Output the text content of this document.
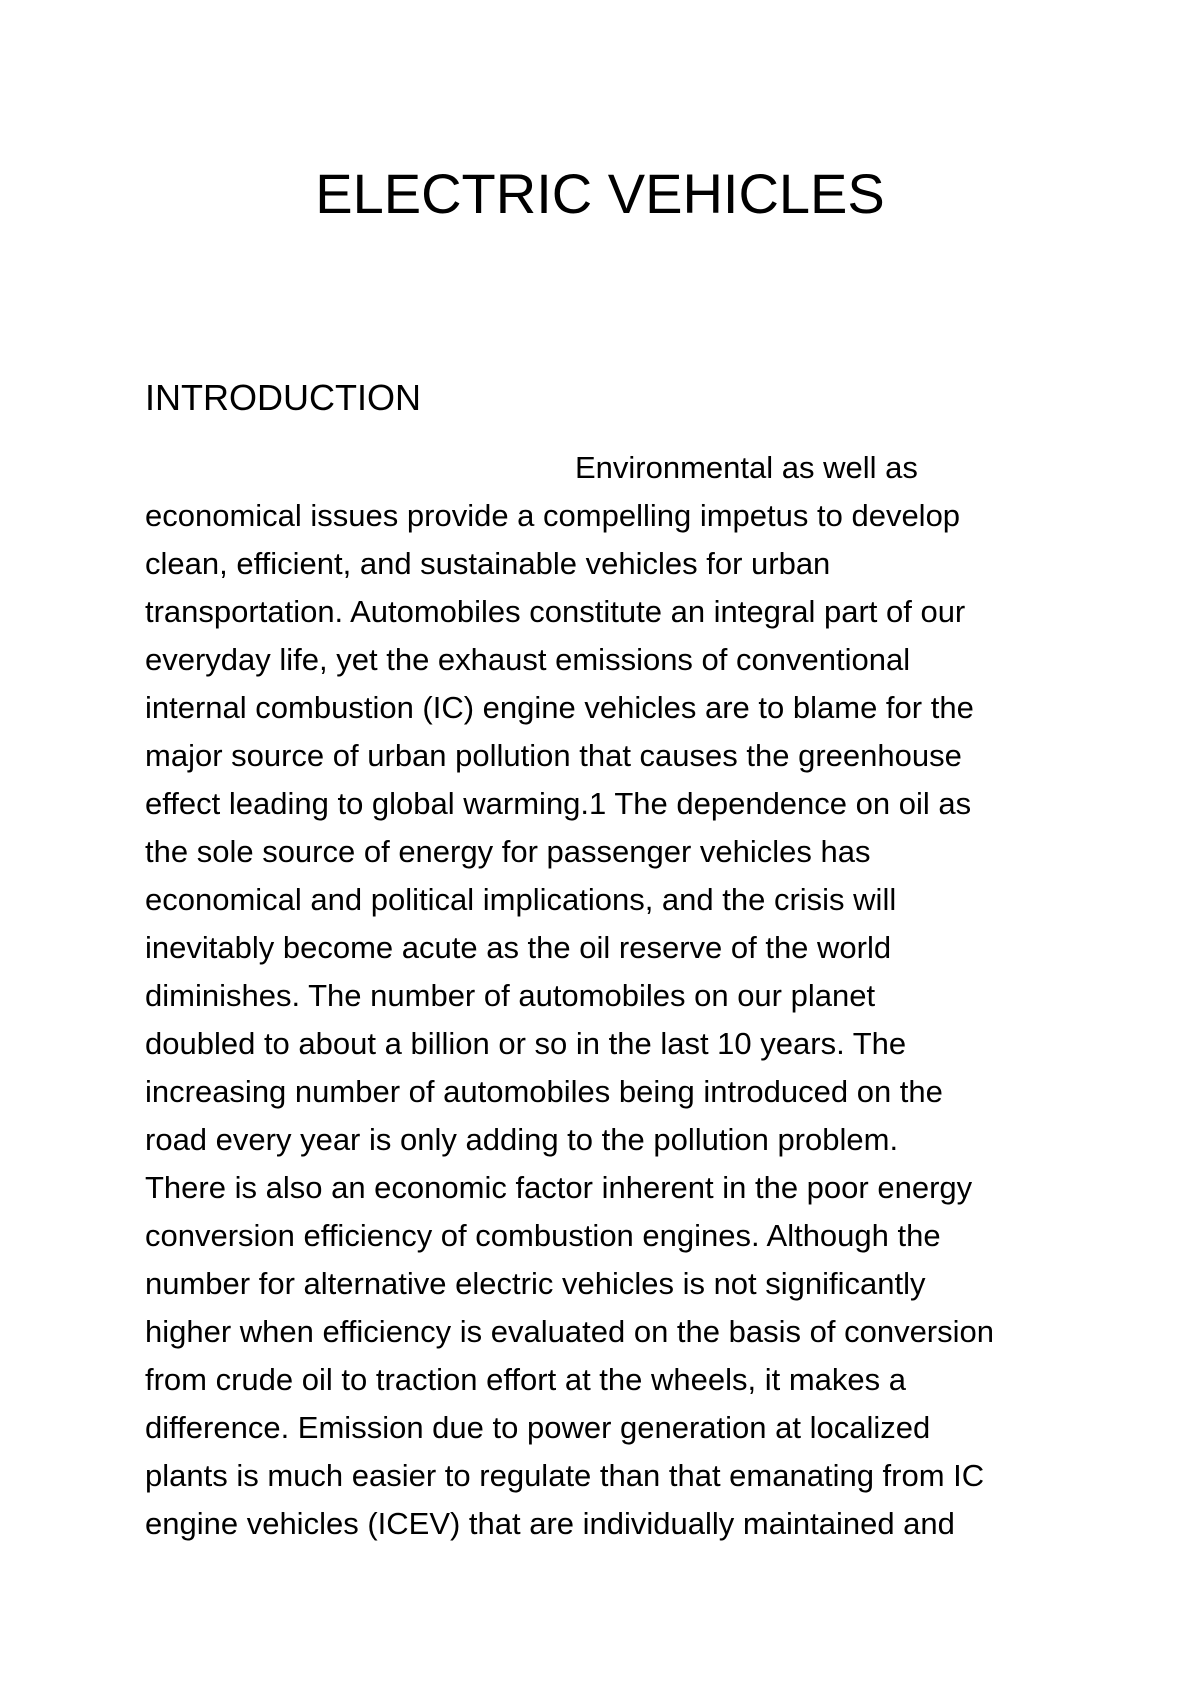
ELECTRIC VEHICLES
INTRODUCTION
Environmental as well as
economical issues provide a compelling impetus to develop
clean, efficient, and sustainable vehicles for urban
transportation. Automobiles constitute an integral part of our
everyday life, yet the exhaust emissions of conventional
internal combustion (IC) engine vehicles are to blame for the
major source of urban pollution that causes the greenhouse
effect leading to global warming.1 The dependence on oil as
the sole source of energy for passenger vehicles has
economical and political implications, and the crisis will
inevitably become acute as the oil reserve of the world
diminishes. The number of automobiles on our planet
doubled to about a billion or so in the last 10 years. The
increasing number of automobiles being introduced on the
road every year is only adding to the pollution problem.
There is also an economic factor inherent in the poor energy
conversion efficiency of combustion engines. Although the
number for alternative electric vehicles is not significantly
higher when efficiency is evaluated on the basis of conversion
from crude oil to traction effort at the wheels, it makes a
difference. Emission due to power generation at localized
plants is much easier to regulate than that emanating from IC
engine vehicles (ICEV) that are individually maintained and
